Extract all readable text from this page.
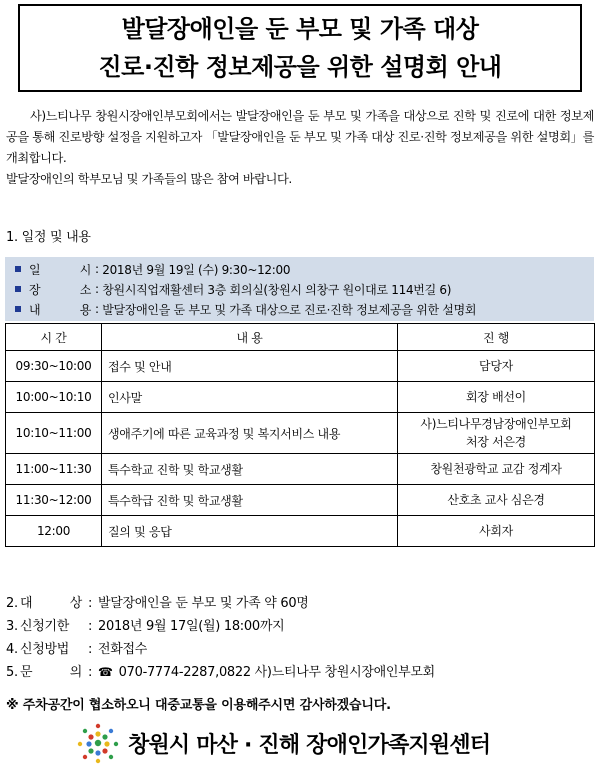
발달장애인을 둔 부모 및 가족 대상
진로·진학 정보제공을 위한 설명회 안내

사)느티나무 창원시장애인부모회에서는 발달장애인을 둔 부모 및 가족을 대상으로 진학 및 진로에 대한 정보제공을 통해 진로방향 설정을 지원하고자 「발달장애인을 둔 부모 및 가족 대상 진로·진학 정보제공을 위한 설명회」를 개최합니다.

발달장애인의 학부모님 및 가족들의 많은 참여 바랍니다.

1. 일정 및 내용
일	시 :
2018년 9월 19일 (수) 9:30~12:00
장	소 :
창원시직업재활센터 3층 회의실(창원시 의창구 원이대로 114번길 6)
내	용 :
발달장애인을 둔 부모 및 가족 대상으로 진로·진학 정보제공을 위한 설명회
시 간	내 용	진 행
09:30~10:00	접수 및 안내	담당자
10:00~10:10	인사말	회장 배선이
10:10~11:00	생애주기에 따른 교육과정 및 복지서비스 내용	사)느티나무경남장애인부모회
처장 서은경

11:00~11:30	특수학교 진학 및 학교생활	창원천광학교 교감 정계자
11:30~12:00	특수학급 진학 및 학교생활	산호초 교사 심은경
12:00	질의 및 응답	사회자
2. 대	상 : 발달장애인을 둔 부모 및 가족 약 60명
3. 신청기한	: 2018년 9월 17일(월) 18:00까지
4. 신청방법	: 전화접수
5. 문	의 : ☎ 070-7774-2287,0822 사)느티나무 창원시장애인부모회
※ 주차공간이 협소하오니 대중교통을 이용해주시면 감사하겠습니다.
창원시 마산 · 진해 장애인가족지원센터
